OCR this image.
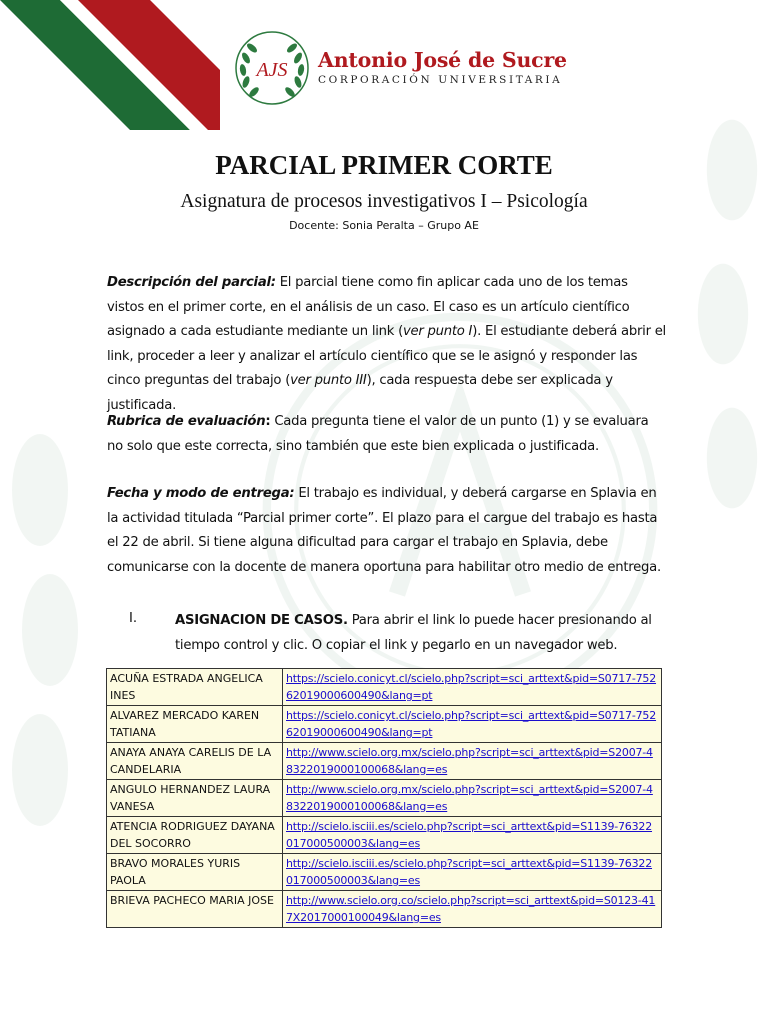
AJS Antonio José de Sucre
CORPORACIÓN UNIVERSITARIA
PARCIAL PRIMER CORTE
Asignatura de procesos investigativos I – Psicología
Docente: Sonia Peralta – Grupo AE

Descripción del parcial: El parcial tiene como fin aplicar cada uno de los temas vistos en el primer corte, en el análisis de un caso. El caso es un artículo científico asignado a cada estudiante mediante un link (ver punto I). El estudiante deberá abrir el link, proceder a leer y analizar el artículo científico que se le asignó y responder las cinco preguntas del trabajo (ver punto III), cada respuesta debe ser explicada y justificada.

Rubrica de evaluación: Cada pregunta tiene el valor de un punto (1) y se evaluara no solo que este correcta, sino también que este bien explicada o justificada.

Fecha y modo de entrega: El trabajo es individual, y deberá cargarse en Splavia en la actividad titulada “Parcial primer corte”. El plazo para el cargue del trabajo es hasta el 22 de abril. Si tiene alguna dificultad para cargar el trabajo en Splavia, debe comunicarse con la docente de manera oportuna para habilitar otro medio de entrega.

I.	ASIGNACION DE CASOS. Para abrir el link lo puede hacer presionando al tiempo control y clic. O copiar el link y pegarlo en un navegador web.

ACUÑA ESTRADA ANGELICA INES	https://scielo.conicyt.cl/scielo.php?script=sci_arttext&pid=S0717-75262019000600490&lang=pt
ALVAREZ MERCADO KAREN TATIANA	https://scielo.conicyt.cl/scielo.php?script=sci_arttext&pid=S0717-75262019000600490&lang=pt
ANAYA ANAYA CARELIS DE LA CANDELARIA	http://www.scielo.org.mx/scielo.php?script=sci_arttext&pid=S2007-48322019000100068&lang=es
ANGULO HERNANDEZ LAURA VANESA	http://www.scielo.org.mx/scielo.php?script=sci_arttext&pid=S2007-48322019000100068&lang=es
ATENCIA RODRIGUEZ DAYANA DEL SOCORRO	http://scielo.isciii.es/scielo.php?script=sci_arttext&pid=S1139-76322017000500003&lang=es
BRAVO MORALES YURIS PAOLA	http://scielo.isciii.es/scielo.php?script=sci_arttext&pid=S1139-76322017000500003&lang=es
BRIEVA PACHECO MARIA JOSE	http://www.scielo.org.co/scielo.php?script=sci_arttext&pid=S0123-417X2017000100049&lang=es
